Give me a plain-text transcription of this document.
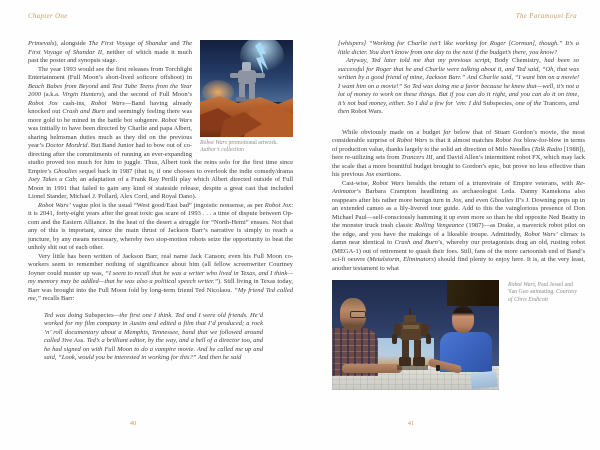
Chapter One	The Paramount Era
Robot Wars promotional artwork. Author’s collection

Primevals), alongside The First Voyage of Shandar and The First Voyage of Shandar II, neither of which made it much past the poster and synopsis stage.

The year 1993 would see the first releases from Torchlight Entertainment (Full Moon’s short-lived softcore offshoot) in Beach Babes from Beyond and Test Tube Teens from the Year 2000 (a.k.a. Virgin Hunters), and the second of Full Moon’s Robot Jox cash-ins, Robot Wars—Band having already knocked out Crash and Burn and seemingly feeling there was more gold to be mined in the battle bot subgenre. Robot Wars was initially to have been directed by Charlie and papa Albert, sharing helmsman duties much as they did on the previous year’s Doctor Mordrid. But Band Junior had to bow out of co-directing after the commitments of running an ever-expanding studio proved too much for him to juggle. Thus, Albert took the reins solo for the first time since Empire’s Ghoulies sequel back in 1987 (that is, if one chooses to overlook the indie comedy/drama Joey Takes a Cab; an adaptation of a Frank Ray Perilli play which Albert directed outside of Full Moon in 1991 that failed to gain any kind of stateside release, despite a great cast that included Lionel Stander, Michael J. Pollard, Alex Cord, and Royal Dano).

Robot Wars’ vague plot is the usual “West good/East bad” jingoistic nonsense, as per Robot Jox: it is 2041, forty-eight years after the great toxic gas scare of 1993 . . . a time of dispute between Op-com and the Eastern Alliance. In the heat of the desert a struggle for “North-Hemi” ensues. Not that any of this is important, since the main thrust of Jackson Barr’s narrative is simply to reach a juncture, by any means necessary, whereby two stop-motion robots seize the opportunity to beat the unholy shit out of each other.

Very little has been written of Jackson Barr, real name Jack Canson; even his Full Moon co-workers seem to remember nothing of significance about him (all fellow screenwriter Courtney Joyner could muster up was, “I seem to recall that he was a writer who lived in Texas, and I think—my memory may be addled—that he was also a political speech writer.”). Still living in Texas today, Barr was brought into the Full Moon fold by long-term friend Ted Nicolaou. “My friend Ted called me,” recalls Barr:

Ted was doing Subspecies—the first one I think. Ted and I were old friends. He’d worked for my film company in Austin and edited a film that I’d produced; a rock ’n’ roll documentary about a Memphis, Tennessee, band that we followed around called Jive Ass. Ted’s a brilliant editor, by the way, and a hell of a director too, and he had signed on with Full Moon to do a vampire movie. And he called me up and said, “Look, would you be interested in working for this?” And then he said

[whispers] “Working for Charlie isn’t like working for Roger [Corman], though.” It’s a little dicier. You don’t know from one day to the next if the budget’s there, you know?

Anyway, Ted later told me that my previous script, Body Chemistry, had been so successful for Roger that he and Charlie were talking about it, and Ted said, “Oh, that was written by a good friend of mine, Jackson Barr.” And Charlie said, “I want him on a movie! I want him on a movie!” So Ted was doing me a favor because he knew that—well, it’s not a lot of money to work on these things. But if you can do it right, and you can do it on time, it’s not bad money, either. So I did a few for ’em: I did Subspecies, one of the Trancers, and then Robot Wars.

While obviously made on a budget far below that of Stuart Gordon’s movie, the most considerable surprise of Robot Wars is that it almost matches Robot Jox blow-for-blow in terms of production value, thanks largely to the solid art direction of Milo Needles (Talk Radio [1988]), here re-utilizing sets from Trancers III, and David Allen’s intermittent robot FX, which may lack the scale that a more bountiful budget brought to Gordon’s epic, but prove no less effective than his previous Jox exertions.

Cast-wise, Robot Wars heralds the return of a triumvirate of Empire veterans, with Re-Animator’s Barbara Crampton headlining as archaeologist Leda. Danny Kamekona also reappears after his rather more benign turn in Jox, and even Ghoulies II’s J. Downing pops up in an extended cameo as a lily-livered tour guide. Add to this the vainglorious presence of Don Michael Paul—self-consciously hamming it up even more so than he did opposite Ned Beatty in the monster truck trash classic Rolling Vengeance (1987)—as Drake, a maverick robot pilot on the edge, and you have the makings of a likeable troupe. Admittedly, Robot Wars’ climax is damn near identical to Crash and Burn’s, whereby our protagonists drag an old, rusting robot (MEGA-1) out of retirement to quash their foes. Still, fans of the more cartoonish end of Band’s sci-fi oeuvre (Metalstorm, Eliminators) should find plenty to enjoy here. It is, at the very least, another testament to what

Robot Wars, Paul Jessel and Yan Guo animating. Courtesy of Chris Endicott
40	41
